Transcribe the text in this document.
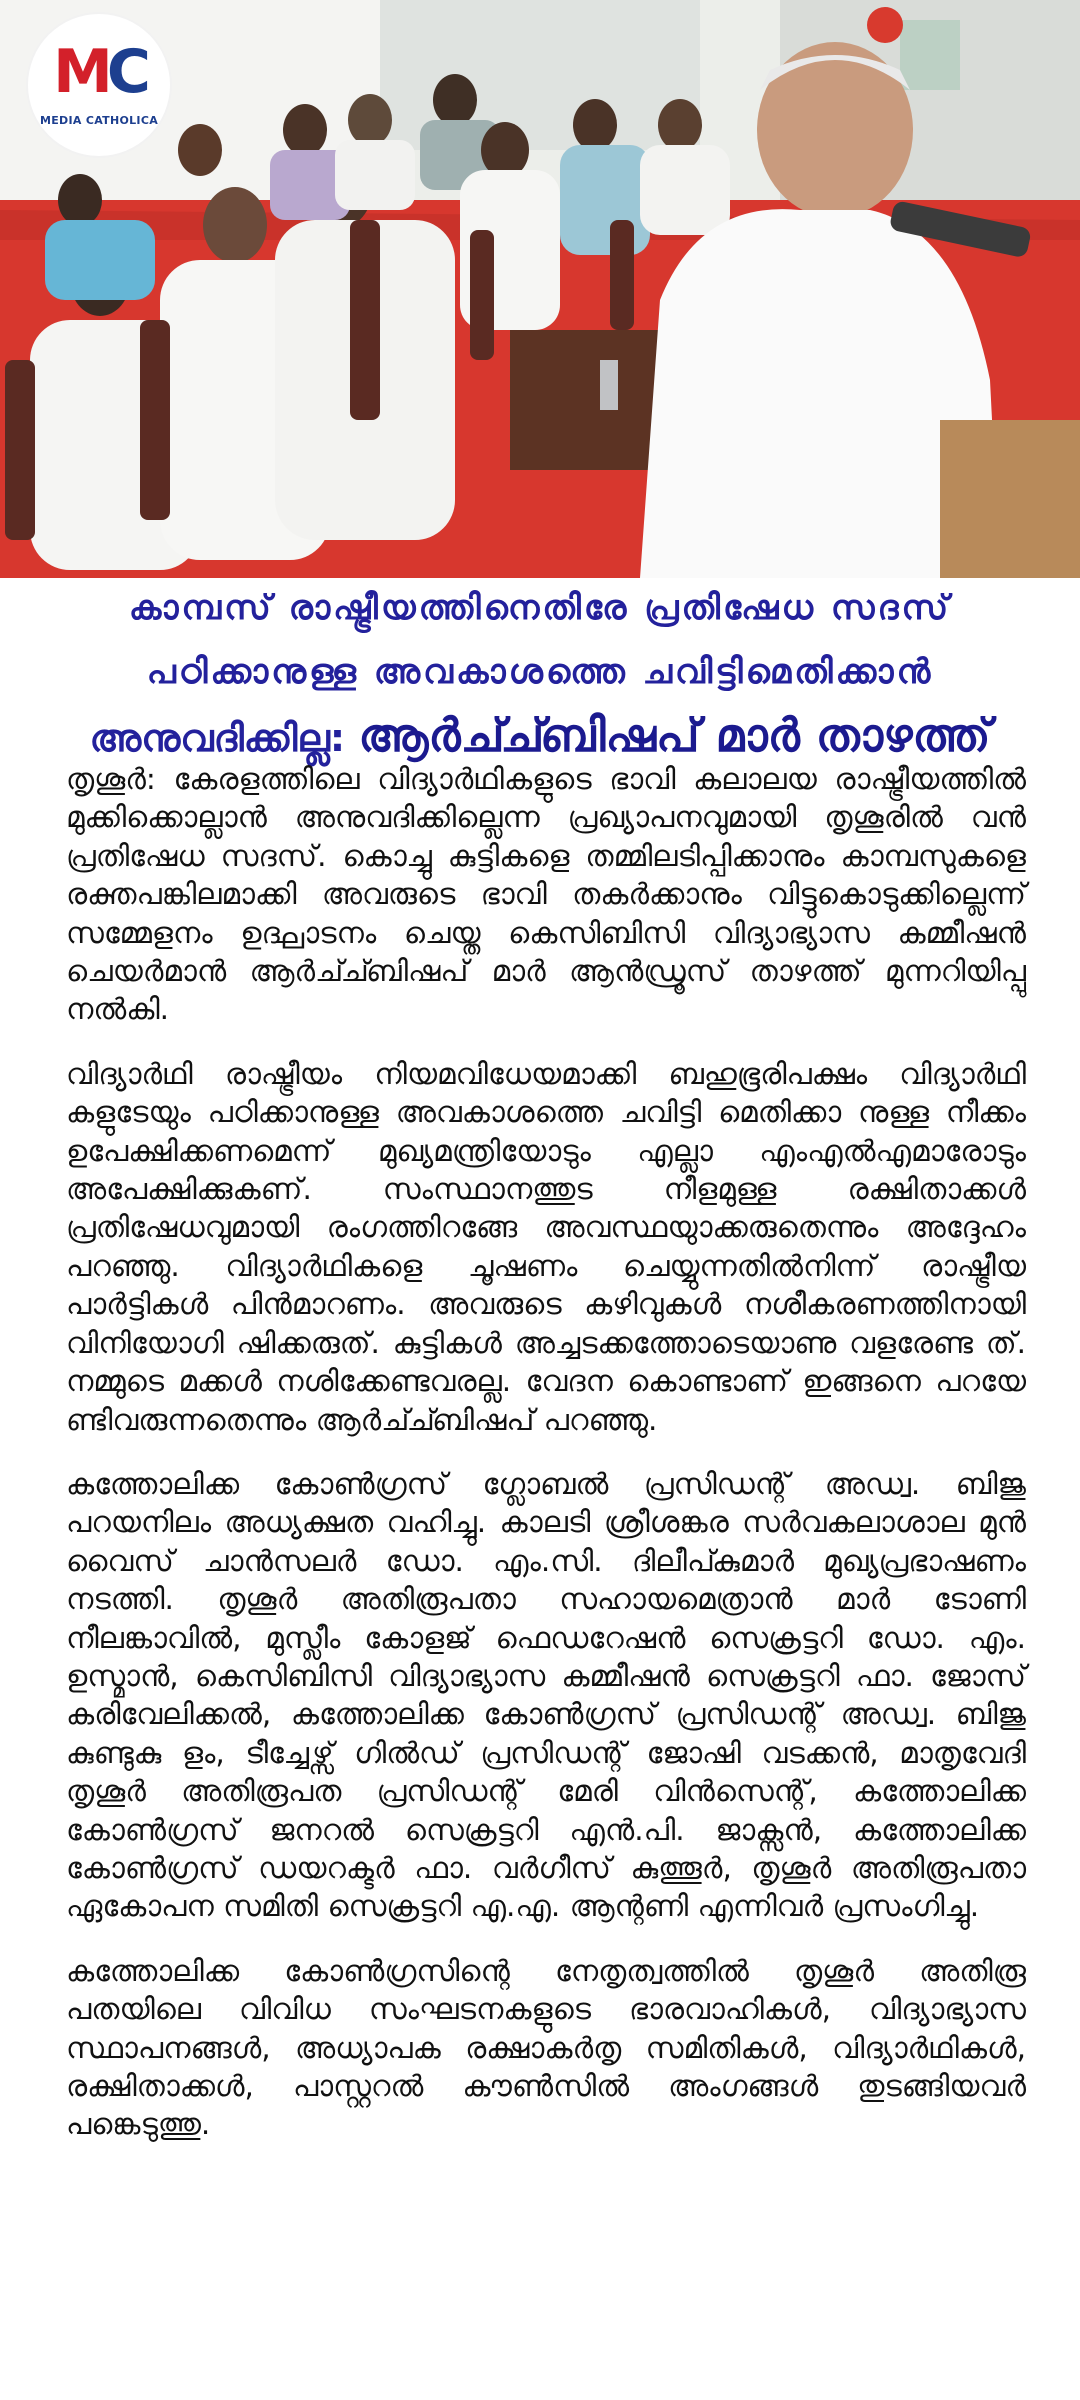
MC
MEDIA CATHOLICA
കാമ്പസ് രാഷ്ട്രീയത്തിനെതിരേ പ്രതിഷേധ സദസ്
പഠിക്കാനുള്ള അവകാശത്തെ ചവിട്ടിമെതിക്കാൻ
അനുവദിക്കില്ല: ആർച്ച്ബിഷപ് മാർ താഴത്ത്

തൃശൂർ: കേരളത്തിലെ വിദ്യാർഥികളുടെ ഭാവി കലാലയ രാഷ്ട്രീയത്തിൽ മുക്കിക്കൊല്ലാൻ അനുവദിക്കില്ലെന്ന പ്രഖ്യാപനവുമായി തൃശൂരിൽ വൻ പ്രതിഷേധ സദസ്. കൊച്ചു കുട്ടികളെ തമ്മിലടിപ്പിക്കാനും കാമ്പസുകളെ രക്തപങ്കിലമാക്കി അവരുടെ ഭാവി തകർക്കാനും വിട്ടുകൊടുക്കില്ലെന്ന് സമ്മേളനം ഉദ്ഘാടനം ചെയ്ത കെസിബിസി വിദ്യാഭ്യാസ കമ്മീഷൻ ചെയർമാൻ ആർച്ച്ബിഷപ് മാർ ആൻഡ്രൂസ് താഴത്ത് മുന്നറിയിപ്പു നൽകി.

വിദ്യാർഥി രാഷ്ട്രീയം നിയമവിധേയമാക്കി ബഹുഭൂരിപക്ഷം വിദ്യാർഥി കളുടേയും പഠിക്കാനുള്ള അവകാശത്തെ ചവിട്ടി മെതിക്കാ നുള്ള നീക്കം ഉപേക്ഷിക്കണമെന്ന് മുഖ്യമന്ത്രിയോടും എല്ലാ എംഎൽഎമാരോടും അപേക്ഷിക്കുകണ്. സംസ്ഥാനത്തുട നീളമുള്ള രക്ഷിതാക്കൾ പ്രതിഷേധവുമായി രംഗത്തിറങ്ങേ അവസ്ഥയുാക്കരുതെന്നും അദ്ദേഹം പറഞ്ഞു. വിദ്യാർഥികളെ ചൂഷണം ചെയ്യുന്നതിൽനിന്ന് രാഷ്ട്രീയ പാർട്ടികൾ പിൻമാറണം. അവരുടെ കഴിവുകൾ നശീകരണത്തിനായി വിനിയോഗി ഷിക്കരുത്. കുട്ടികൾ അച്ചടക്കത്തോടെയാണു വളരേണ്ട ത്. നമ്മുടെ മക്കൾ നശിക്കേണ്ടവരല്ല. വേദന കൊണ്ടാണ് ഇങ്ങനെ പറയേ ണ്ടിവരുന്നതെന്നും ആർച്ച്ബിഷപ് പറഞ്ഞു.

കത്തോലിക്ക കോൺഗ്രസ് ഗ്ലോബൽ പ്രസിഡന്റ് അഡ്വ. ബിജു പറയനിലം അധ്യക്ഷത വഹിച്ചു. കാലടി ശ്രീശങ്കര സർവകലാശാല മുൻ വൈസ് ചാൻസലർ ഡോ. എം.സി. ദിലീപ്കുമാർ മുഖ്യപ്രഭാഷണം നടത്തി. തൃശൂർ അതിരൂപതാ സഹായമെത്രാൻ മാർ ടോണി നീലങ്കാവിൽ, മുസ്ലീം കോളജ് ഫെഡറേഷൻ സെക്രട്ടറി ഡോ. എം. ഉസ്മാൻ, കെസിബിസി വിദ്യാഭ്യാസ കമ്മീഷൻ സെക്രട്ടറി ഫാ. ജോസ് കരിവേലിക്കൽ, കത്തോലിക്ക കോൺഗ്രസ് പ്രസിഡന്റ് അഡ്വ. ബിജു കുണ്ടുകു ളം, ടീച്ചേഴ്സ് ഗിൽഡ് പ്രസിഡന്റ് ജോഷി വടക്കൻ, മാതൃവേദി തൃശൂർ അതിരൂപത പ്രസിഡന്റ് മേരി വിൻസെന്റ്, കത്തോലിക്ക കോൺഗ്രസ് ജനറൽ സെക്രട്ടറി എൻ.പി. ജാക്സൻ, കത്തോലിക്ക കോൺഗ്രസ് ഡയറക്ടർ ഫാ. വർഗീസ് കുത്തൂർ, തൃശൂർ അതിരൂപതാ ഏകോപന സമിതി സെക്രട്ടറി എ.എ. ആന്റണി എന്നിവർ പ്രസംഗിച്ചു.

കത്തോലിക്ക കോൺഗ്രസിന്റെ നേതൃത്വത്തിൽ തൃശൂർ അതിരൂ പതയിലെ വിവിധ സംഘടനകളുടെ ഭാരവാഹികൾ, വിദ്യാഭ്യാസ സ്ഥാപനങ്ങൾ, അധ്യാപക രക്ഷാകർതൃ സമിതികൾ, വിദ്യാർഥികൾ, രക്ഷിതാക്കൾ, പാസ്റ്ററൽ കൗൺസിൽ അംഗങ്ങൾ തുടങ്ങിയവർ പങ്കെടുത്തു.
